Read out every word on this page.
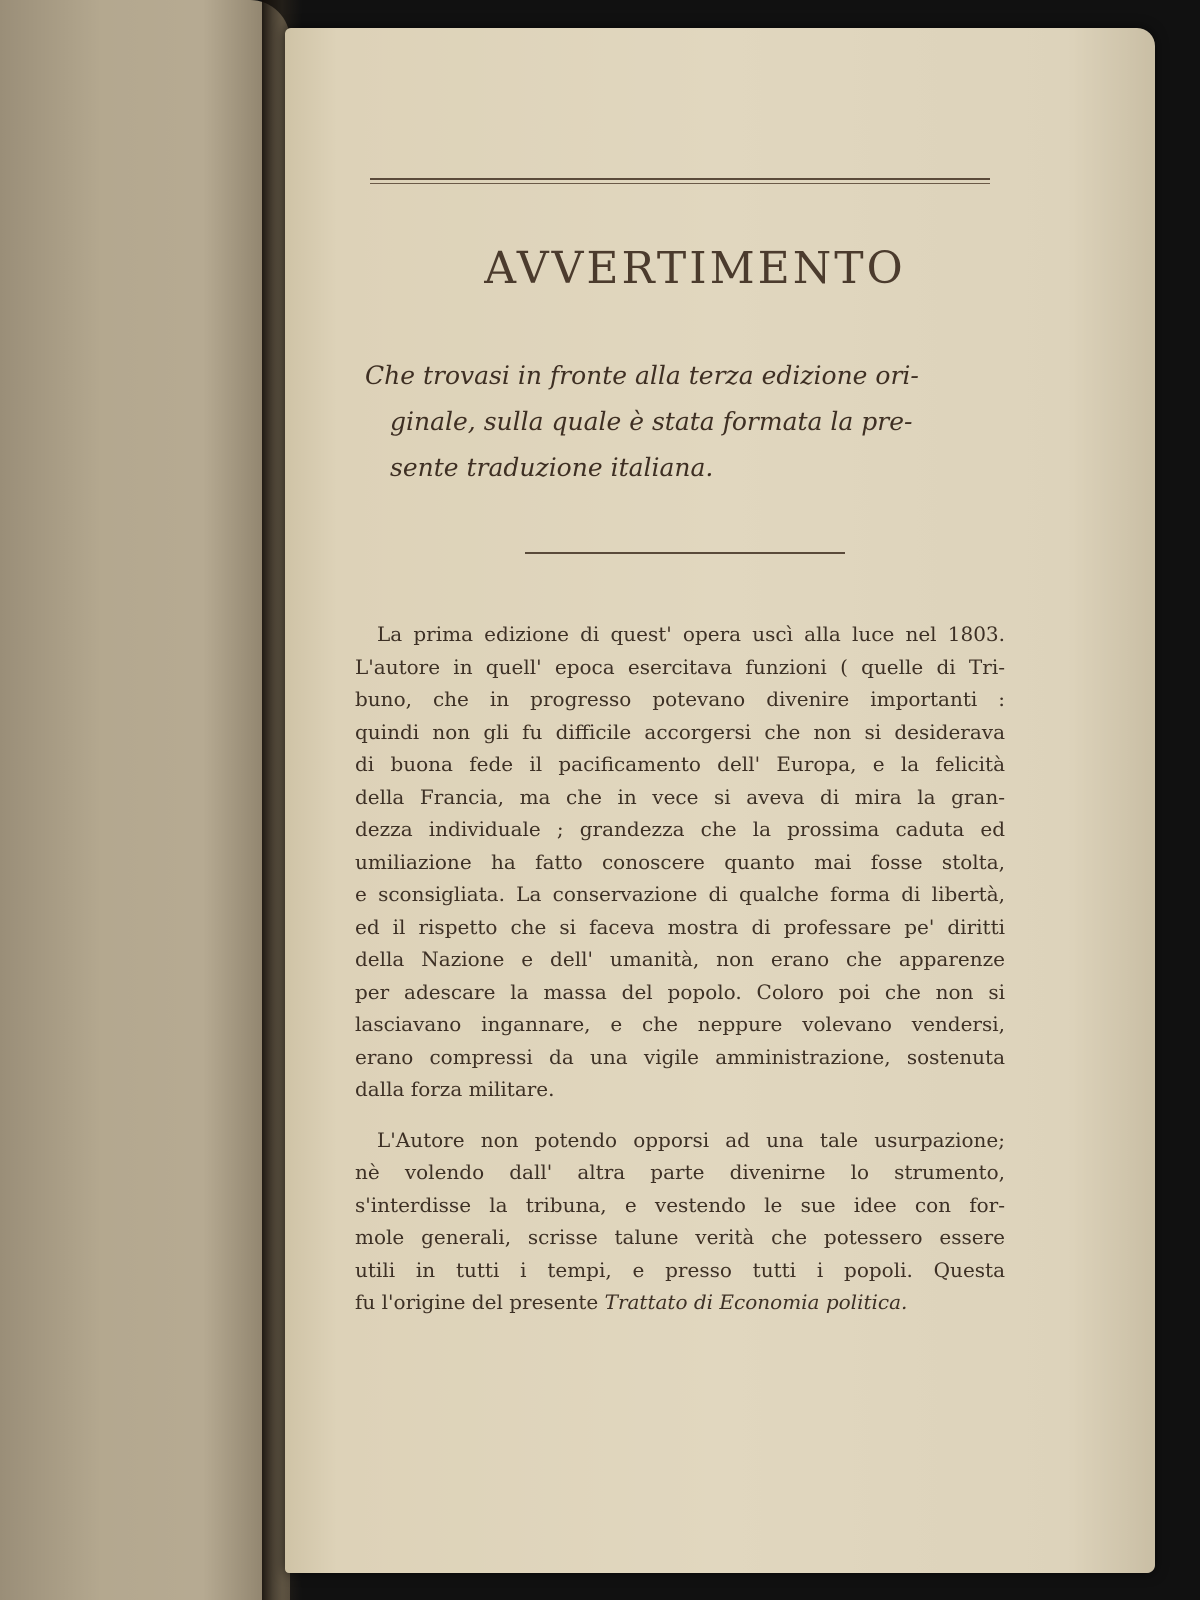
AVVERTIMENTO
Che trovasi in fronte alla terza edizione ori-
ginale, sulla quale è stata formata la pre-
sente traduzione italiana.
La prima edizione di quest' opera uscì alla luce nel 1803.
L'autore in quell' epoca esercitava funzioni ( quelle di Tri-
buno, che in progresso potevano divenire importanti :
quindi non gli fu difficile accorgersi che non si desiderava
di buona fede il pacificamento dell' Europa, e la felicità
della Francia, ma che in vece si aveva di mira la gran-
dezza individuale ; grandezza che la prossima caduta ed
umiliazione ha fatto conoscere quanto mai fosse stolta,
e sconsigliata. La conservazione di qualche forma di libertà,
ed il rispetto che si faceva mostra di professare pe' diritti
della Nazione e dell' umanità, non erano che apparenze
per adescare la massa del popolo. Coloro poi che non si
lasciavano ingannare, e che neppure volevano vendersi,
erano compressi da una vigile amministrazione, sostenuta
dalla forza militare.
L'Autore non potendo opporsi ad una tale usurpazione;
nè volendo dall' altra parte divenirne lo strumento,
s'interdisse la tribuna, e vestendo le sue idee con for-
mole generali, scrisse talune verità che potessero essere
utili in tutti i tempi, e presso tutti i popoli. Questa
fu l'origine del presente Trattato di Economia politica.
